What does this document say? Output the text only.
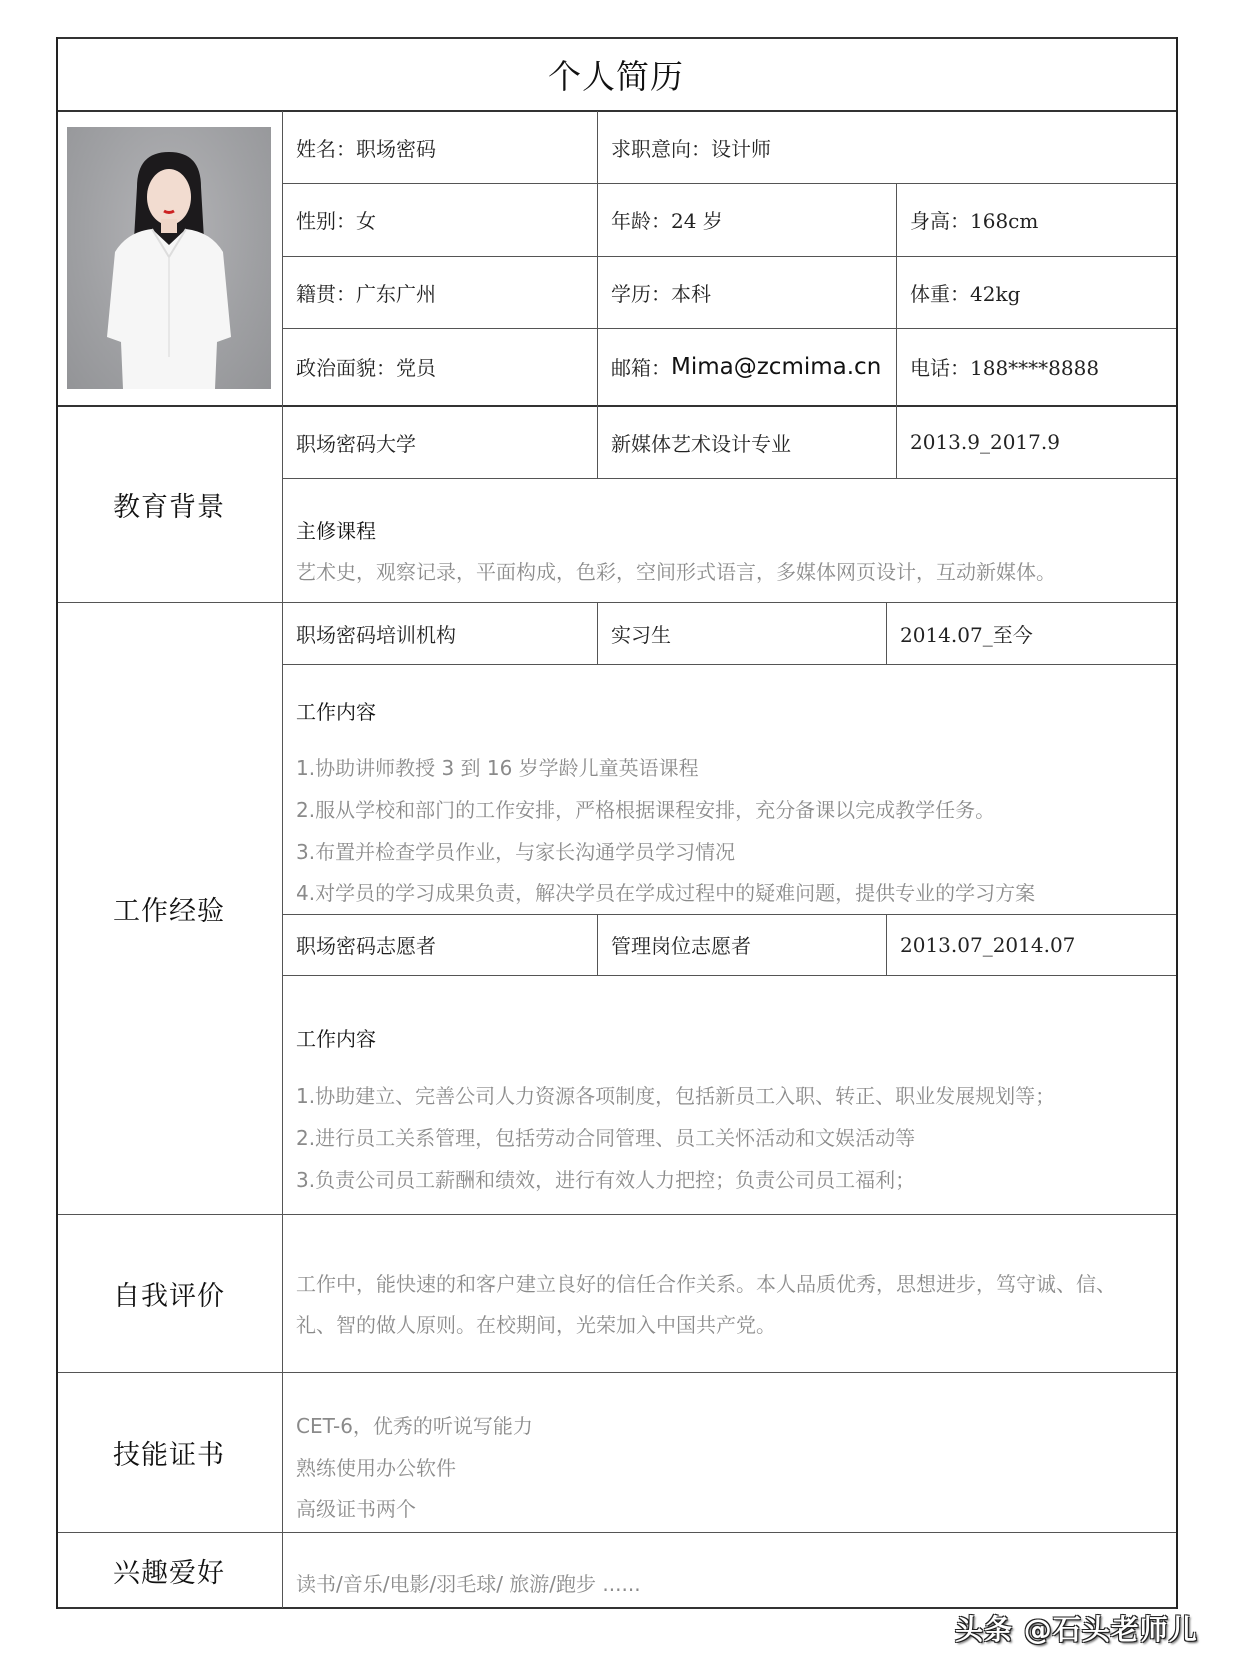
个人简历
姓名：职场密码	求职意向：设计师
性别：女	年龄：24 岁	身高：168cm
籍贯：广东广州	学历：本科	体重：42kg
政治面貌：党员	邮箱： Mima@zcmima.cn	电话：188****8888
教育背景
职场密码大学	新媒体艺术设计专业	2013.9_2017.9
主修课程
艺术史，观察记录，平面构成，色彩，空间形式语言，多媒体网页设计，互动新媒体。
工作经验
职场密码培训机构	实习生	2014.07_至今
工作内容
1.协助讲师教授 3 到 16 岁学龄儿童英语课程
2.服从学校和部门的工作安排，严格根据课程安排，充分备课以完成教学任务。
3.布置并检查学员作业，与家长沟通学员学习情况
4.对学员的学习成果负责，解决学员在学成过程中的疑难问题，提供专业的学习方案
职场密码志愿者	管理岗位志愿者	2013.07_2014.07
工作内容
1.协助建立、完善公司人力资源各项制度，包括新员工入职、转正、职业发展规划等；
2.进行员工关系管理，包括劳动合同管理、员工关怀活动和文娱活动等
3.负责公司员工薪酬和绩效，进行有效人力把控；负责公司员工福利；
自我评价	工作中，能快速的和客户建立良好的信任合作关系。本人品质优秀，思想进步，笃守诚、信、
礼、智的做人原则。在校期间，光荣加入中国共产党。
技能证书
CET-6，优秀的听说写能力
熟练使用办公软件
高级证书两个
兴趣爱好	读书/音乐/电影/羽毛球/ 旅游/跑步 ......
头条 @石头老师儿
